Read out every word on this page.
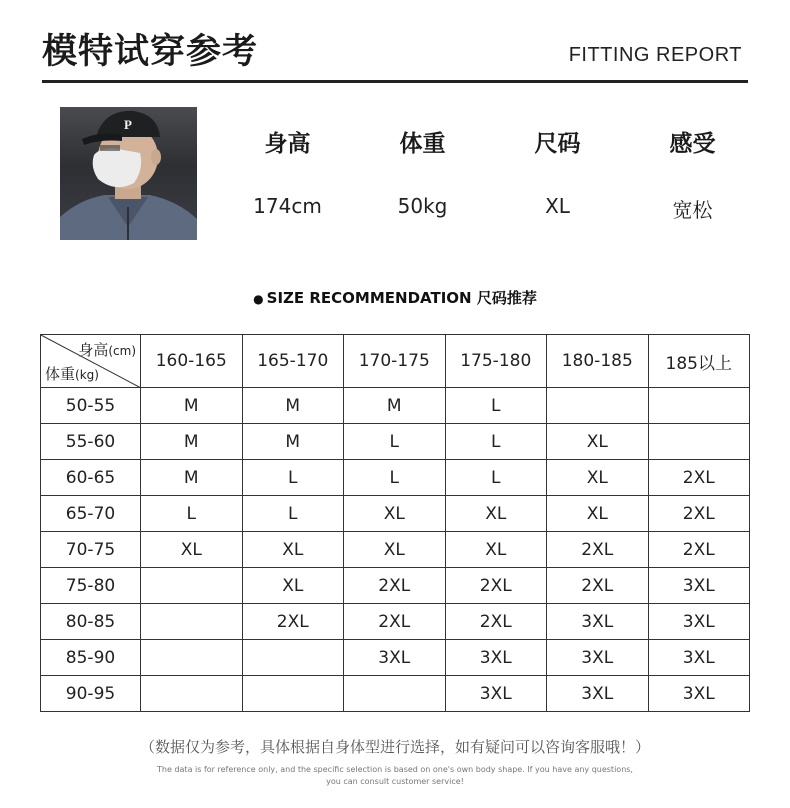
模特试穿参考	FITTING REPORT
P
身高	体重	尺码	感受
174cm	50kg	XL	宽松
● SIZE RECOMMENDATION 尺码推荐
身高(cm)
体重(kg)	160-165	165-170	170-175	175-180	180-185	185以上
50-55	M	M	M	L		
55-60	M	M	L	L	XL	
60-65	M	L	L	L	XL	2XL
65-70	L	L	XL	XL	XL	2XL
70-75	XL	XL	XL	XL	2XL	2XL
75-80		XL	2XL	2XL	2XL	3XL
80-85		2XL	2XL	2XL	3XL	3XL
85-90			3XL	3XL	3XL	3XL
90-95				3XL	3XL	3XL
（数据仅为参考，具体根据自身体型进行选择，如有疑问可以咨询客服哦！）
The data is for reference only, and the specific selection is based on one's own body shape. If you have any questions,
you can consult customer service!
